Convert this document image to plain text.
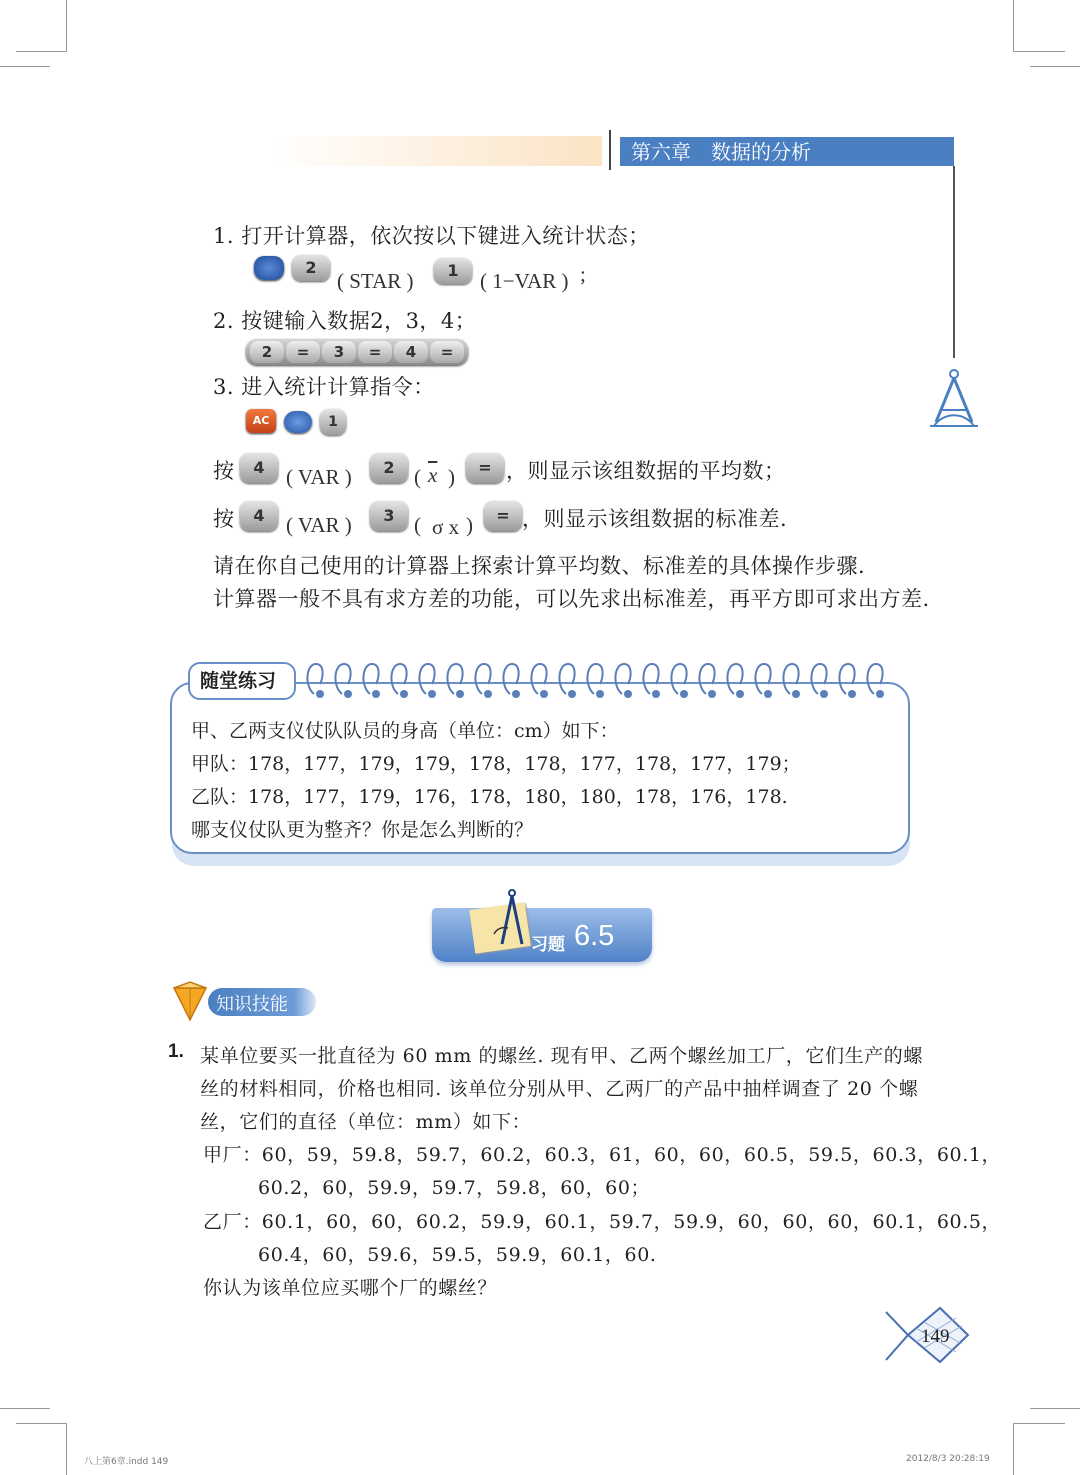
第六章　数据的分析
1. 打开计算器，依次按以下键进入统计状态；
2
( STAR )	1	( 1−VAR ) ;
2. 按键输入数据2，3，4；
2	=	3	=	4	=
3. 进入统计计算指令：
AC	1
按	4	( VAR )	2 ( $\overline{x}$ )	= ，则显示该组数据的平均数；
按	4	( VAR )	3 ( σ x )	= ，则显示该组数据的标准差.
请在你自己使用的计算器上探索计算平均数、标准差的具体操作步骤.
计算器一般不具有求方差的功能，可以先求出标准差，再平方即可求出方差.
随堂练习
甲、乙两支仪仗队队员的身高（单位：cm）如下：
甲队：178，177，179，179，178，178，177，178，177，179；
乙队：178，177，179，176，178，180，180，178，176，178.
哪支仪仗队更为整齐？你是怎么判断的？
习题 6.5
知识技能
1. 某单位要买一批直径为 60 mm 的螺丝. 现有甲、乙两个螺丝加工厂，它们生产的螺
丝的材料相同，价格也相同. 该单位分别从甲、乙两厂的产品中抽样调查了 20 个螺
丝，它们的直径（单位：mm）如下：
甲厂：60，59，59.8，59.7，60.2，60.3，61，60，60，60.5，59.5，60.3，60.1，
60.2，60，59.9，59.7，59.8，60，60；
乙厂：60.1，60，60，60.2，59.9，60.1，59.7，59.9，60，60，60，60.1，60.5，
60.4，60，59.6，59.5，59.9，60.1，60.
你认为该单位应买哪个厂的螺丝？
149
八上第6章.indd 149	2012/8/3 20:28:19
